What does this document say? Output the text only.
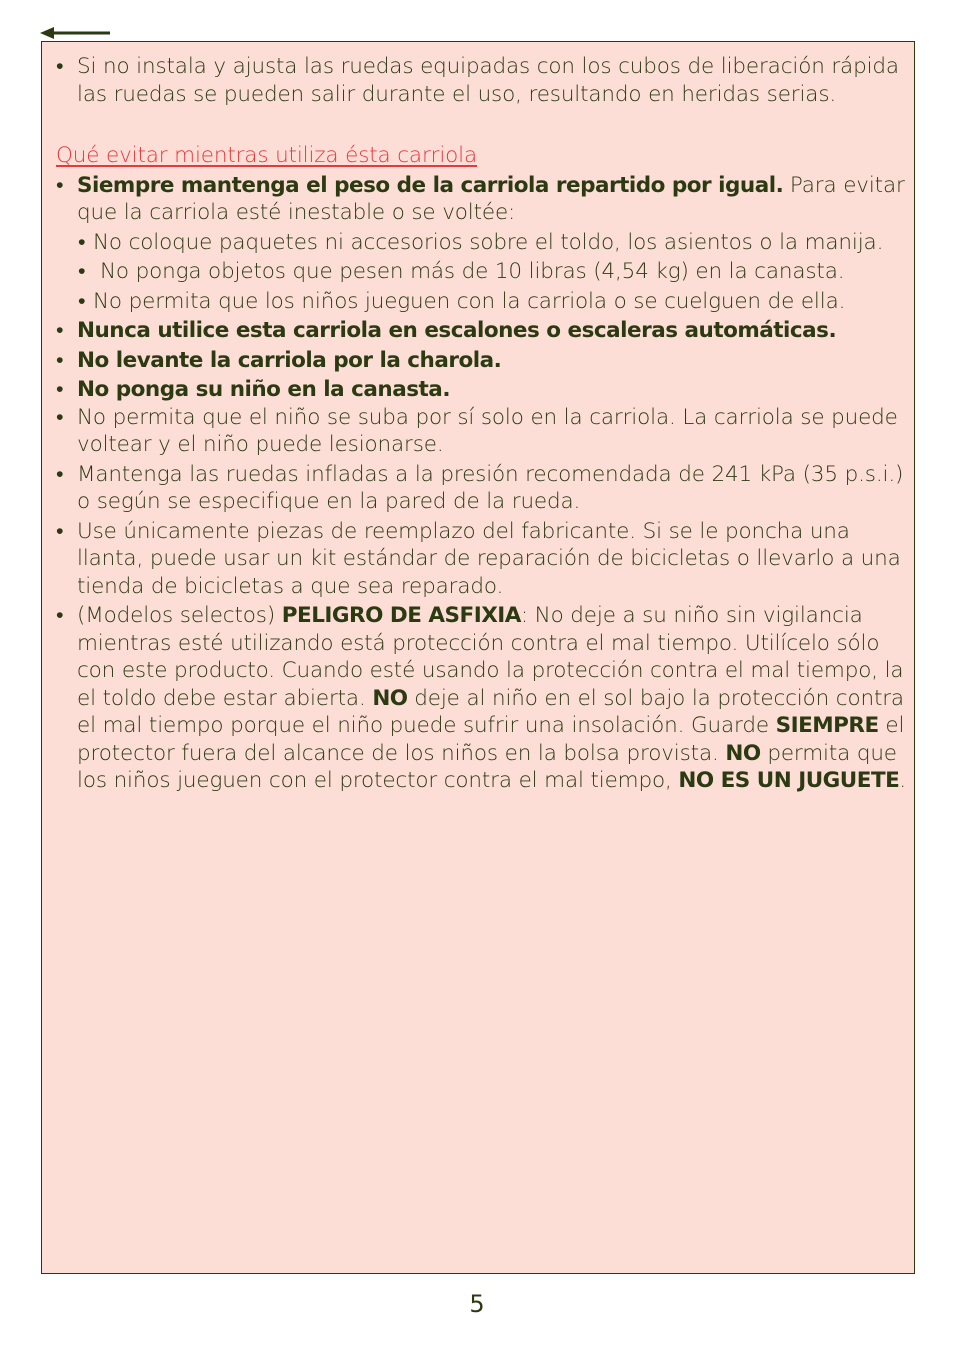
• Si no instala y ajusta las ruedas equipadas con los cubos de liberación rápida las ruedas se pueden salir durante el uso, resultando en heridas serias.
Qué evitar mientras utiliza ésta carriola
• Siempre mantenga el peso de la carriola repartido por igual. Para evitar que la carriola esté inestable o se voltée:
• No coloque paquetes ni accesorios sobre el toldo, los asientos o la manija.
• No ponga objetos que pesen más de 10 libras (4,54 kg) en la canasta.
• No permita que los niños jueguen con la carriola o se cuelguen de ella.
• Nunca utilice esta carriola en escalones o escaleras automáticas.
• No levante la carriola por la charola.
• No ponga su niño en la canasta.
• No permita que el niño se suba por sí solo en la carriola. La carriola se puede voltear y el niño puede lesionarse.
• Mantenga las ruedas infladas a la presión recomendada de 241 kPa (35 p.s.i.) o según se especifique en la pared de la rueda.
• Use únicamente piezas de reemplazo del fabricante. Si se le poncha una llanta, puede usar un kit estándar de reparación de bicicletas o llevarlo a una tienda de bicicletas a que sea reparado.
• (Modelos selectos) PELIGRO DE ASFIXIA: No deje a su niño sin vigilancia mientras esté utilizando está protección contra el mal tiempo. Utilícelo sólo con este producto. Cuando esté usando la protección contra el mal tiempo, la el toldo debe estar abierta. NO deje al niño en el sol bajo la protección contra el mal tiempo porque el niño puede sufrir una insolación. Guarde SIEMPRE el protector fuera del alcance de los niños en la bolsa provista. NO permita que los niños jueguen con el protector contra el mal tiempo, NO ES UN JUGUETE.
5
